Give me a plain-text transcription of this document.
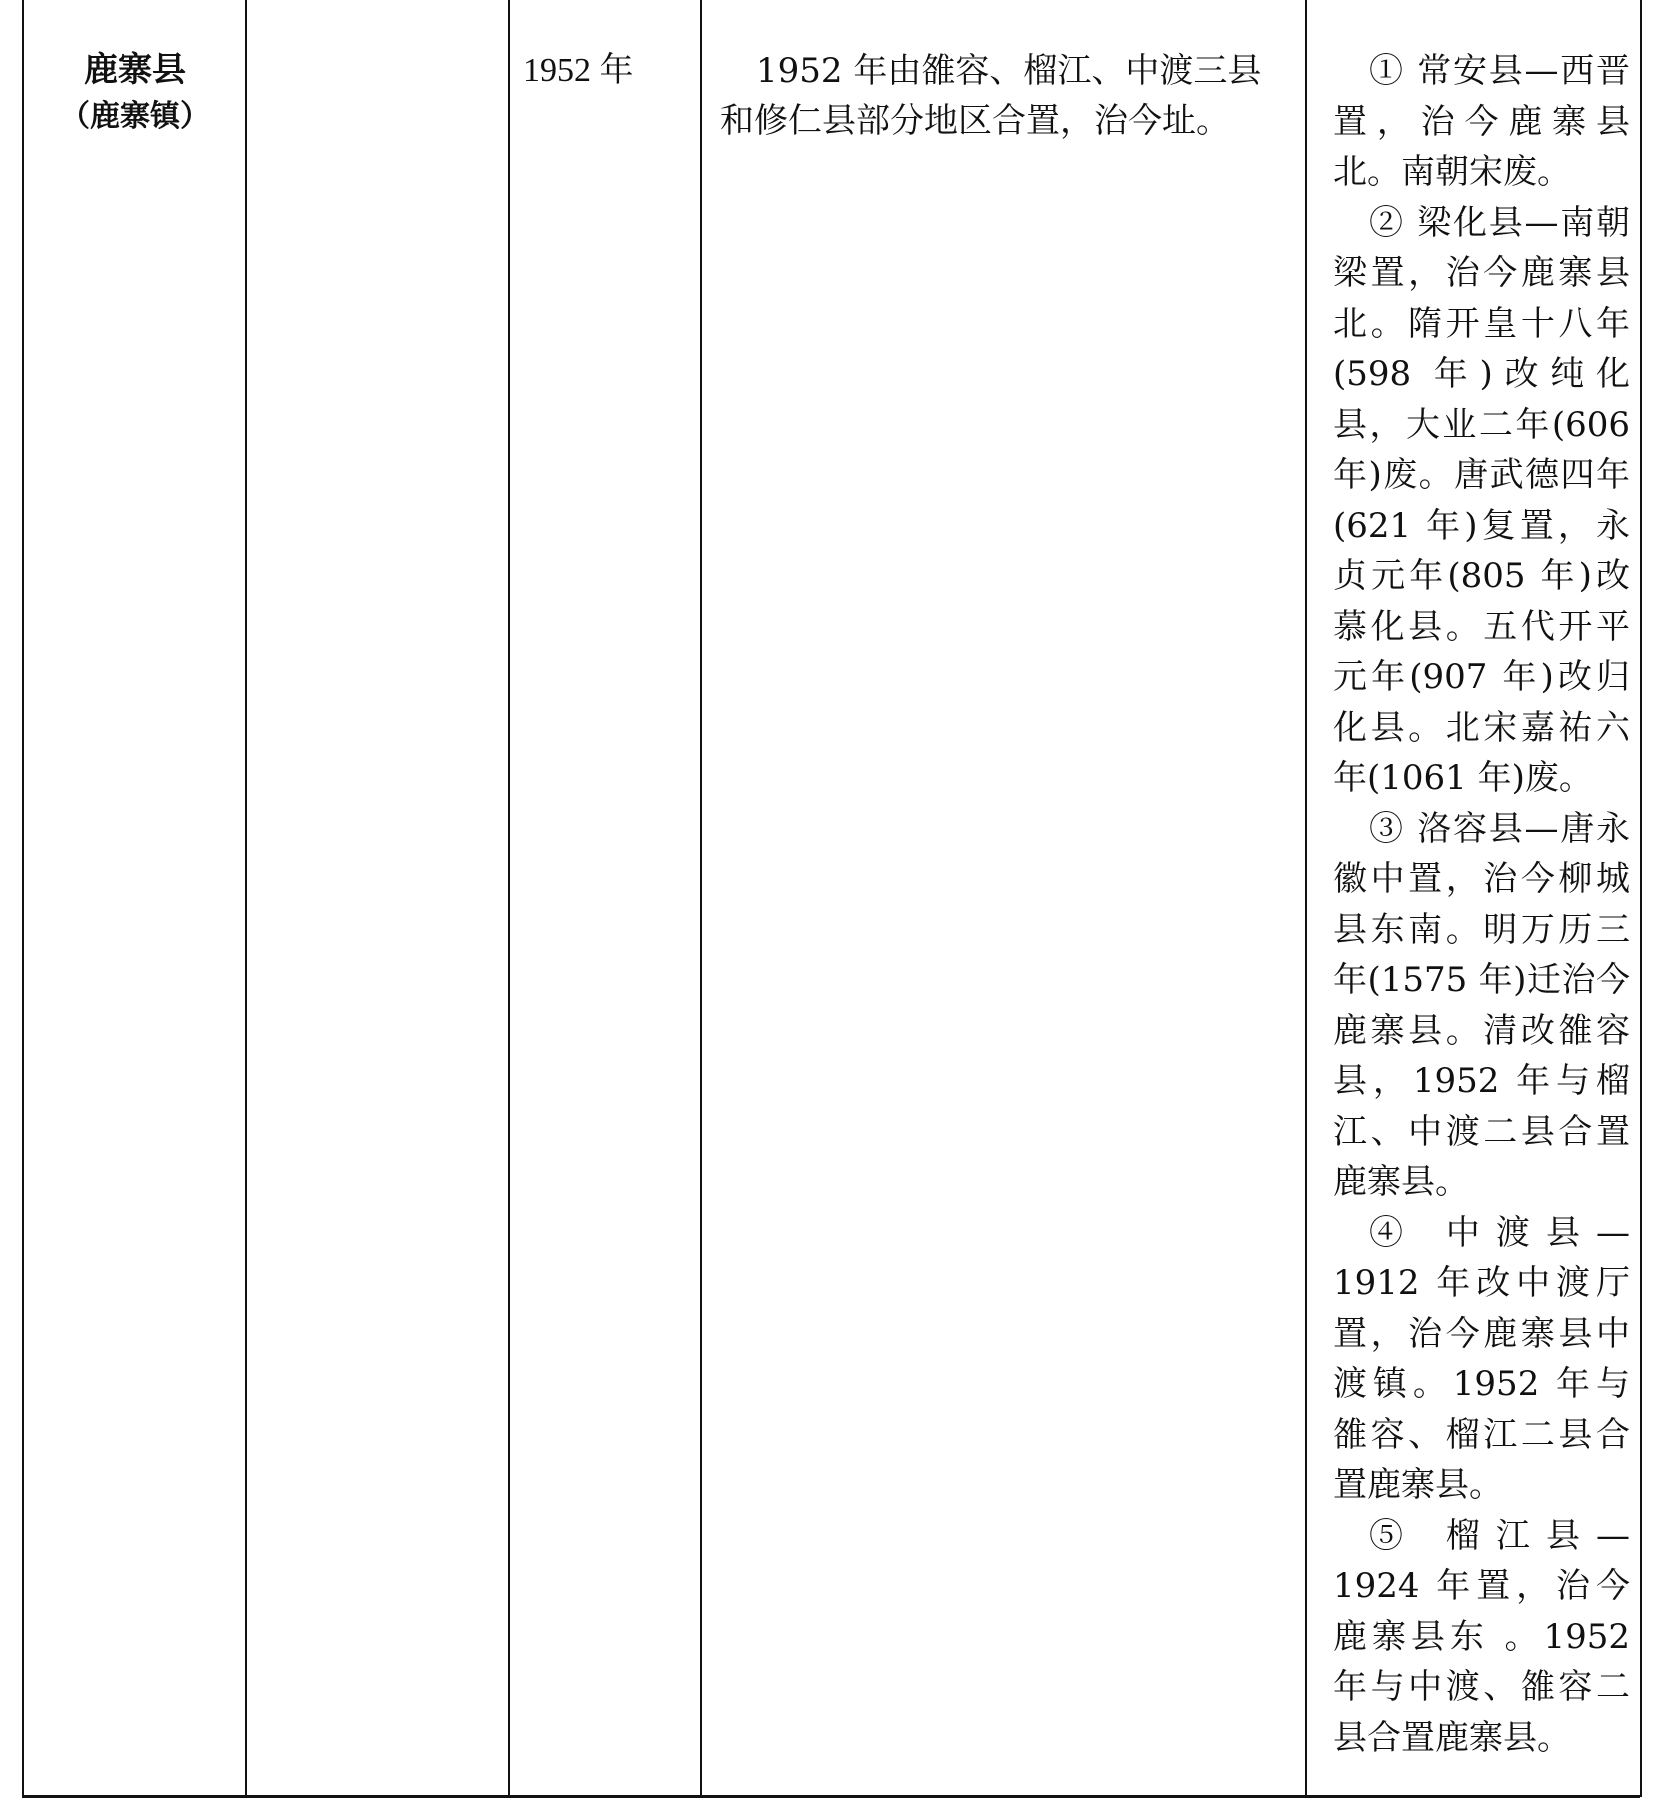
鹿寨县
（鹿寨镇）
1952 年	1952 年由雒容、榴江、中渡三县和修仁县部分地区合置，治今址。

① 常安县—西晋置，治今鹿寨县北。南朝宋废。

② 梁化县—南朝梁置，治今鹿寨县北。隋开皇十八年(598 年)改纯化县，大业二年(606年)废。唐武德四年(621 年)复置，永贞元年(805 年)改慕化县。五代开平元年(907 年)改归化县。北宋嘉祐六年(1061 年)废。

③ 洛容县—唐永徽中置，治今柳城县东南。明万历三年(1575 年)迁治今鹿寨县。清改雒容县，1952 年与榴江、中渡二县合置鹿寨县。

④ 中渡县—1912 年改中渡厅置，治今鹿寨县中渡镇。1952 年与雒容、榴江二县合置鹿寨县。

⑤ 榴江县—1924 年置，治今鹿寨县东 。1952 年与中渡、雒容二县合置鹿寨县。
